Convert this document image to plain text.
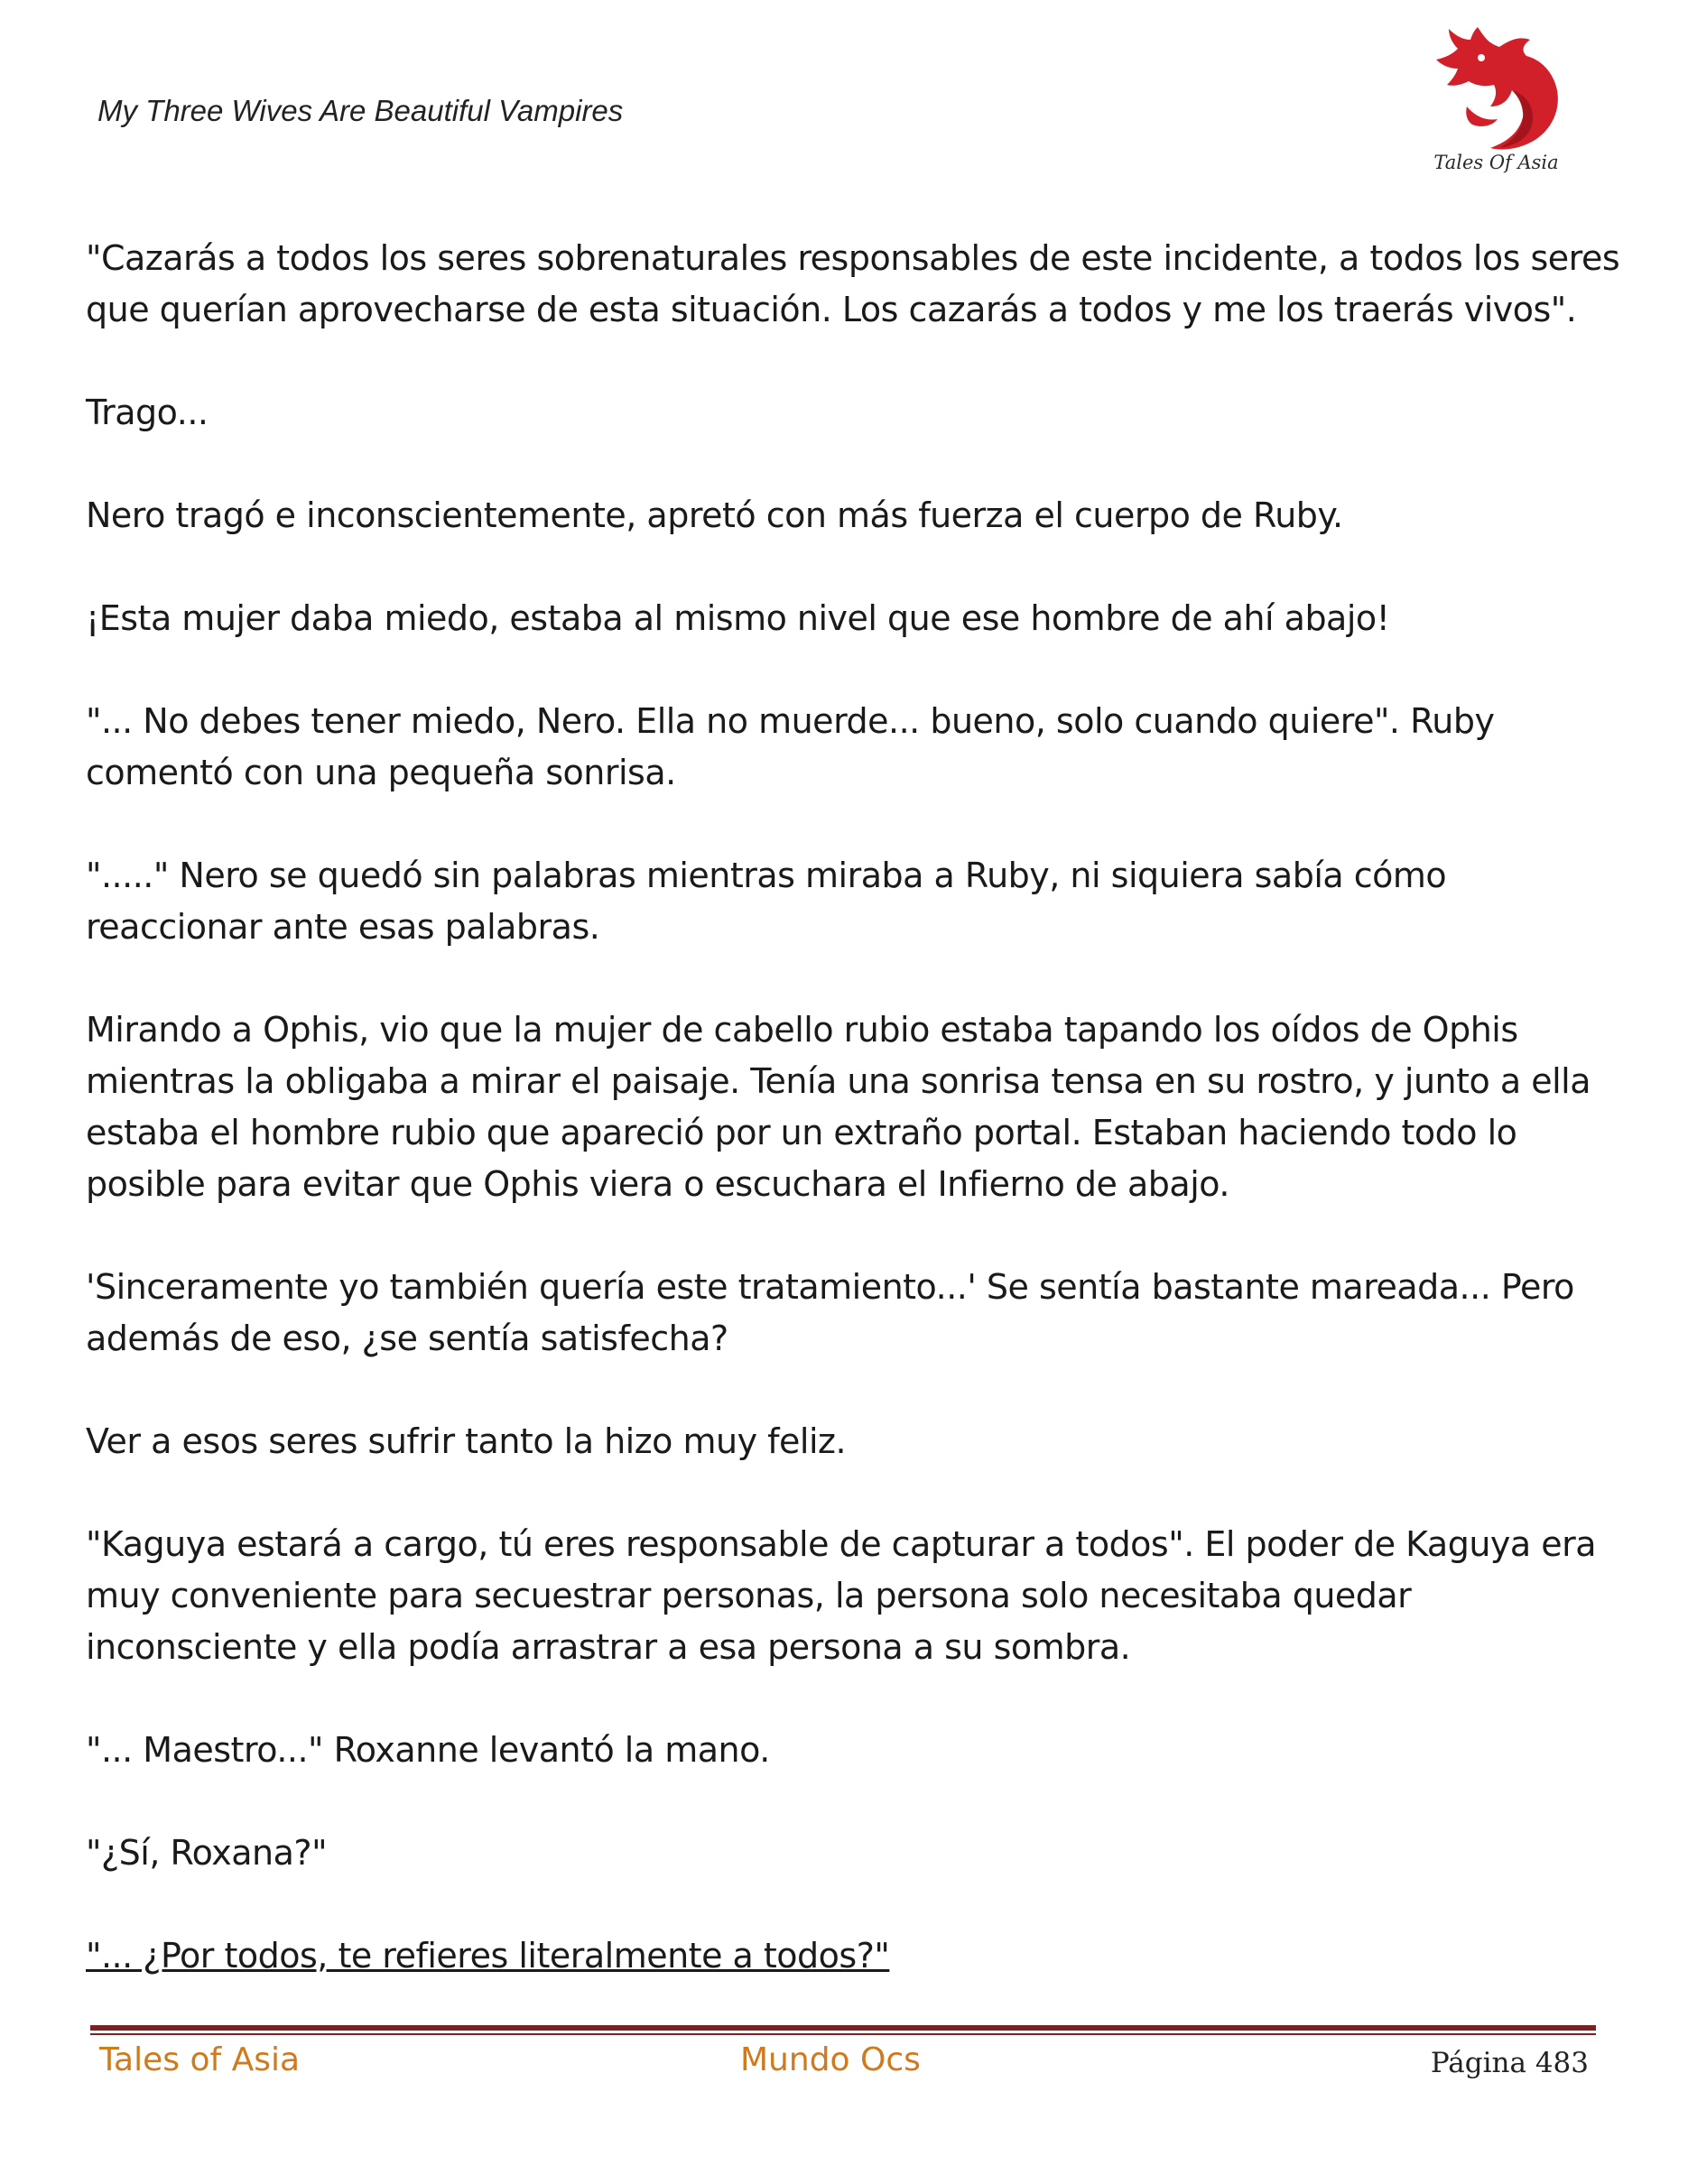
My Three Wives Are Beautiful Vampires
Tales Of Asia

"Cazarás a todos los seres sobrenaturales responsables de este incidente, a todos los seres que querían aprovecharse de esta situación. Los cazarás a todos y me los traerás vivos".

Trago...

Nero tragó e inconscientemente, apretó con más fuerza el cuerpo de Ruby.

¡Esta mujer daba miedo, estaba al mismo nivel que ese hombre de ahí abajo!

"... No debes tener miedo, Nero. Ella no muerde... bueno, solo cuando quiere". Ruby comentó con una pequeña sonrisa.

"....." Nero se quedó sin palabras mientras miraba a Ruby, ni siquiera sabía cómo reaccionar ante esas palabras.

Mirando a Ophis, vio que la mujer de cabello rubio estaba tapando los oídos de Ophis mientras la obligaba a mirar el paisaje. Tenía una sonrisa tensa en su rostro, y junto a ella estaba el hombre rubio que apareció por un extraño portal. Estaban haciendo todo lo posible para evitar que Ophis viera o escuchara el Infierno de abajo.

'Sinceramente yo también quería este tratamiento...' Se sentía bastante mareada... Pero además de eso, ¿se sentía satisfecha?

Ver a esos seres sufrir tanto la hizo muy feliz.

"Kaguya estará a cargo, tú eres responsable de capturar a todos". El poder de Kaguya era muy conveniente para secuestrar personas, la persona solo necesitaba quedar inconsciente y ella podía arrastrar a esa persona a su sombra.

"... Maestro..." Roxanne levantó la mano.

"¿Sí, Roxana?"

"... ¿Por todos, te refieres literalmente a todos?"

Tales of Asia	Mundo Ocs	Página 483
